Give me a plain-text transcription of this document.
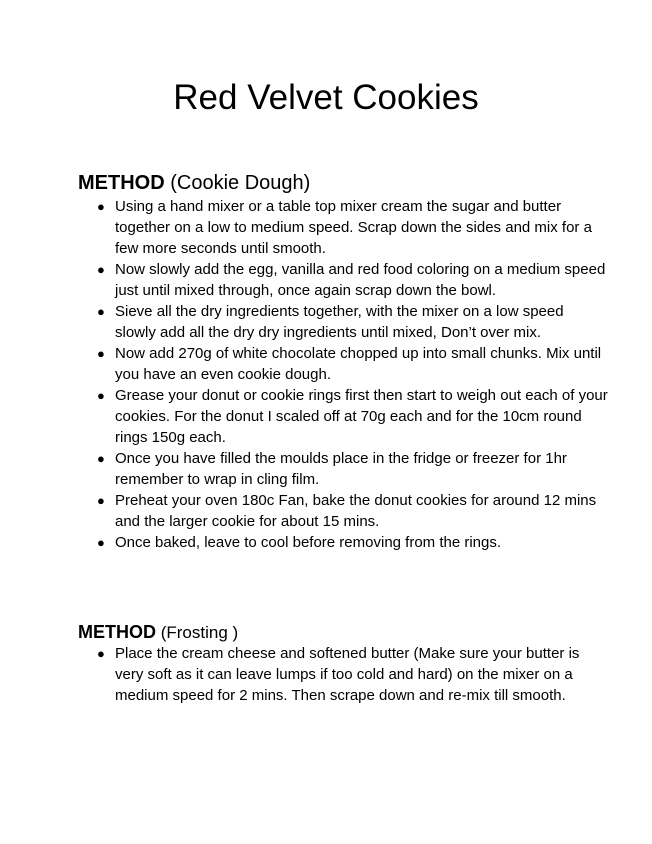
Red Velvet Cookies
METHOD (Cookie Dough)
● Using a hand mixer or a table top mixer cream the sugar and butter together on a low to medium speed. Scrap down the sides and mix for a few more seconds until smooth.
● Now slowly add the egg, vanilla and red food coloring on a medium speed just until mixed through, once again scrap down the bowl.
● Sieve all the dry ingredients together, with the mixer on a low speed slowly add all the dry dry ingredients until mixed, Don’t over mix.
● Now add 270g of white chocolate chopped up into small chunks. Mix until you have an even cookie dough.
● Grease your donut or cookie rings first then start to weigh out each of your cookies. For the donut I scaled off at 70g each and for the 10cm round rings 150g each.
● Once you have filled the moulds place in the fridge or freezer for 1hr remember to wrap in cling film.
● Preheat your oven 180c Fan, bake the donut cookies for around 12 mins and the larger cookie for about 15 mins.
● Once baked, leave to cool before removing from the rings.
METHOD (Frosting )
● Place the cream cheese and softened butter (Make sure your butter is very soft as it can leave lumps if too cold and hard) on the mixer on a medium speed for 2 mins. Then scrape down and re-mix till smooth.
